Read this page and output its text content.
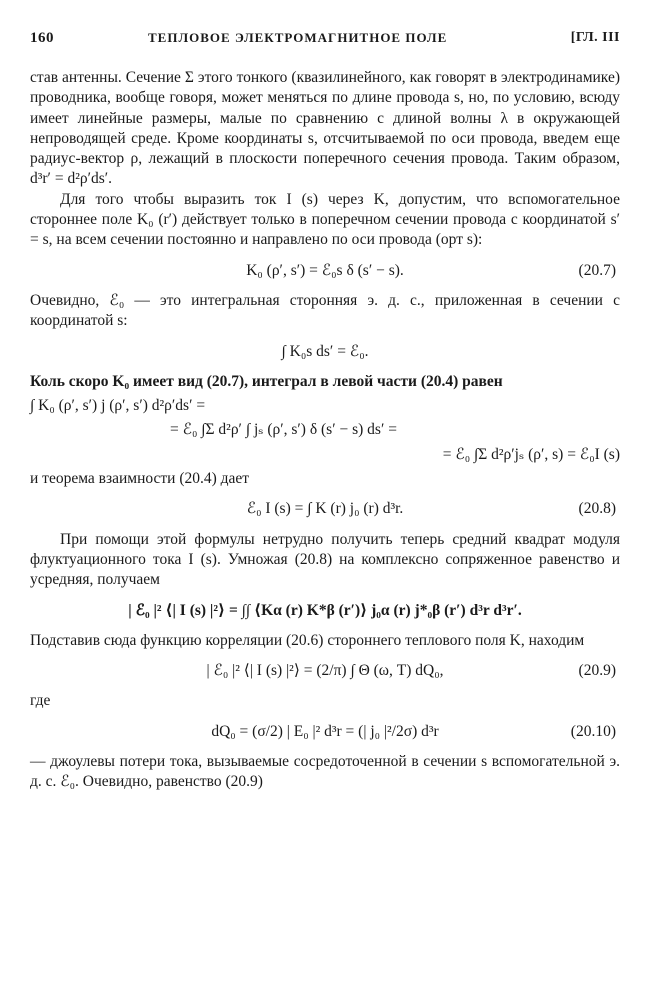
160	ТЕПЛОВОЕ ЭЛЕКТРОМАГНИТНОЕ ПОЛЕ	[ГЛ. III

став антенны. Сечение Σ этого тонкого (квазилинейного, как говорят в электродинамике) проводника, вообще говоря, может меняться по длине провода s, но, по условию, всюду имеет линейные размеры, малые по сравнению с длиной волны λ в окружающей непроводящей среде. Кроме координаты s, отсчитываемой по оси провода, введем еще радиус-вектор ρ, лежащий в плоскости поперечного сечения провода. Таким образом, d³r′ = d²ρ′ds′.

Для того чтобы выразить ток I (s) через K, допустим, что вспомогательное стороннее поле K₀ (r′) действует только в поперечном сечении провода с координатой s′ = s, на всем сечении постоянно и направлено по оси провода (орт s):

K₀ (ρ′, s′) = ℰ₀s δ (s′ − s).	(20.7)

Очевидно, ℰ₀ — это интегральная сторонняя э. д. с., приложенная в сечении с координатой s:

∫ K₀s ds′ = ℰ₀.

Коль скоро K₀ имеет вид (20.7), интеграл в левой части (20.4) равен

∫ K₀ (ρ′, s′) j (ρ′, s′) d²ρ′ds′ =
= ℰ₀ ∫Σ d²ρ′ ∫ jₛ (ρ′, s′) δ (s′ − s) ds′ =
= ℰ₀ ∫Σ d²ρ′jₛ (ρ′, s) = ℰ₀I (s)

и теорема взаимности (20.4) дает

ℰ₀ I (s) = ∫ K (r) j₀ (r) d³r.	(20.8)

При помощи этой формулы нетрудно получить теперь средний квадрат модуля флуктуационного тока I (s). Умножая (20.8) на комплексно сопряженное равенство и усредняя, получаем

| ℰ₀ |² ⟨| I (s) |²⟩ = ∫∫ ⟨Kα (r) K*β (r′)⟩ j₀α (r) j*₀β (r′) d³r d³r′.

Подставив сюда функцию корреляции (20.6) стороннего теплового поля K, находим

| ℰ₀ |² ⟨| I (s) |²⟩ = (2/π) ∫ Θ (ω, T) dQ₀,	(20.9)

где

dQ₀ = (σ/2) | E₀ |² d³r = (| j₀ |²/2σ) d³r	(20.10)

— джоулевы потери тока, вызываемые сосредоточенной в сечении s вспомогательной э. д. с. ℰ₀. Очевидно, равенство (20.9)
